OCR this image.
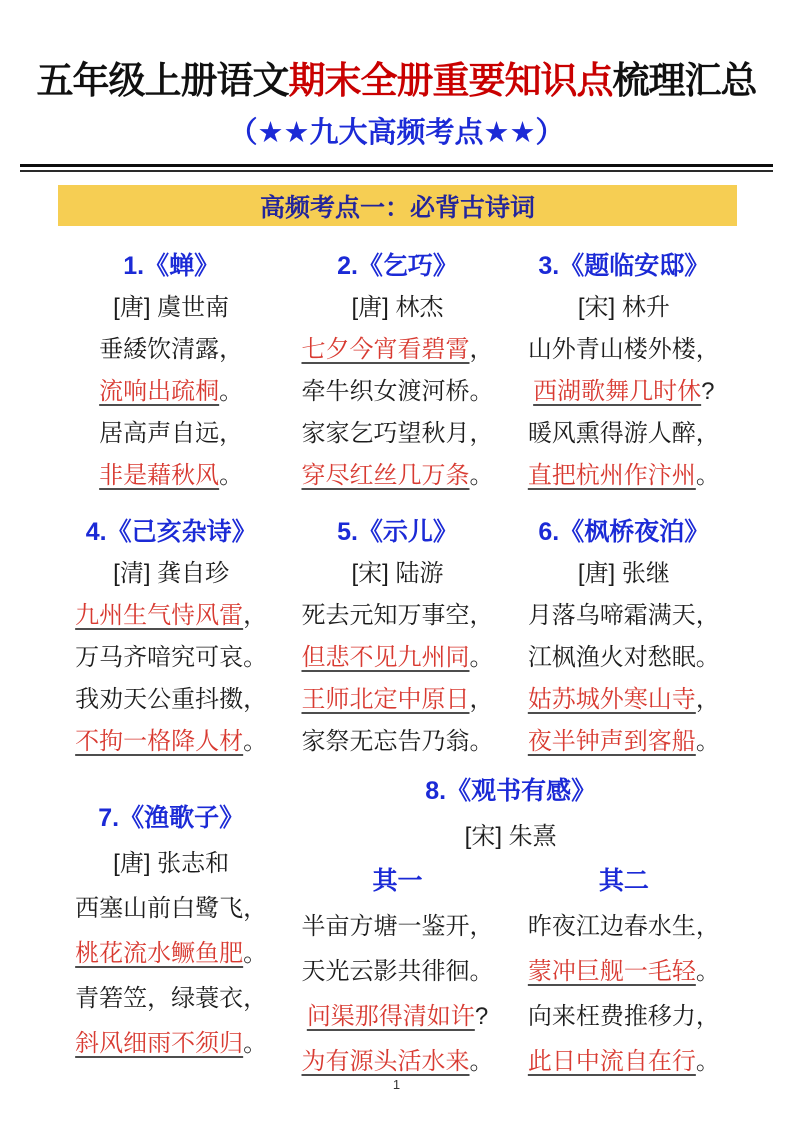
五年级上册语文期末全册重要知识点梳理汇总
（★★九大高频考点★★）
高频考点一：必背古诗词
1.《蝉》
[唐] 虞世南
垂緌饮清露，
流响出疏桐。
居高声自远，
非是藉秋风。
2.《乞巧》
[唐] 林杰
七夕今宵看碧霄，
牵牛织女渡河桥。
家家乞巧望秋月，
穿尽红丝几万条。
3.《题临安邸》
[宋] 林升
山外青山楼外楼，
西湖歌舞几时休?
暖风熏得游人醉，
直把杭州作汴州。
4.《己亥杂诗》
[清] 龚自珍
九州生气恃风雷，
万马齐喑究可哀。
我劝天公重抖擞，
不拘一格降人材。
5.《示儿》
[宋] 陆游
死去元知万事空，
但悲不见九州同。
王师北定中原日，
家祭无忘告乃翁。
6.《枫桥夜泊》
[唐] 张继
月落乌啼霜满天，
江枫渔火对愁眠。
姑苏城外寒山寺，
夜半钟声到客船。
7.《渔歌子》
[唐] 张志和
西塞山前白鹭飞，
桃花流水鳜鱼肥。
青箬笠，绿蓑衣，
斜风细雨不须归。
8.《观书有感》
[宋] 朱熹
其一
半亩方塘一鉴开，
天光云影共徘徊。
问渠那得清如许?
为有源头活水来。
其二
昨夜江边春水生，
蒙冲巨舰一毛轻。
向来枉费推移力，
此日中流自在行。
1
